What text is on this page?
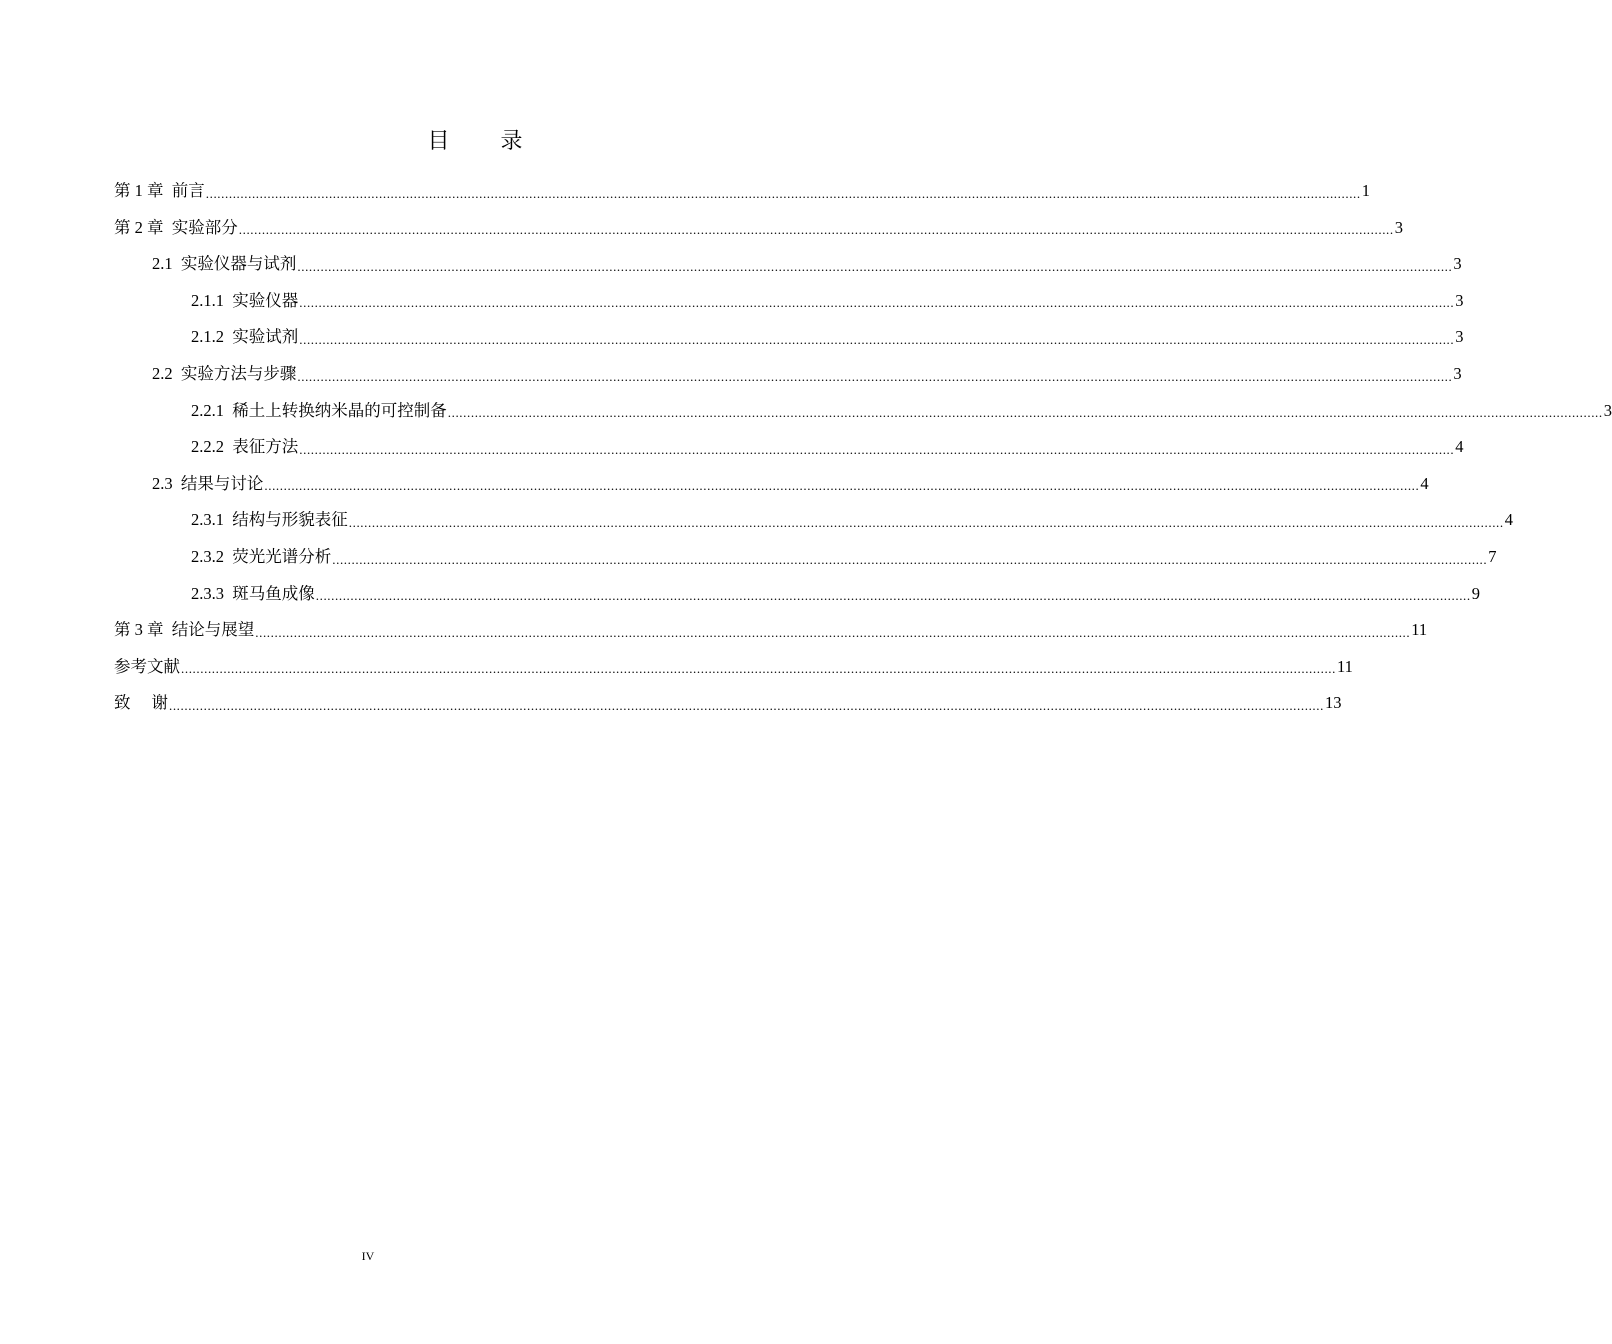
目 录
第 1 章 前言 ............................................................................................................................................................................................................................................................................................................ 1
第 2 章 实验部分 ............................................................................................................................................................................................................................................................................................................ 3
2.1 实验仪器与试剂 ............................................................................................................................................................................................................................................................................................................ 3
2.1.1 实验仪器 ............................................................................................................................................................................................................................................................................................................ 3
2.1.2 实验试剂 ............................................................................................................................................................................................................................................................................................................ 3
2.2 实验方法与步骤 ............................................................................................................................................................................................................................................................................................................ 3
2.2.1 稀土上转换纳米晶的可控制备 ............................................................................................................................................................................................................................................................................................................ 3
2.2.2 表征方法 ............................................................................................................................................................................................................................................................................................................ 4
2.3 结果与讨论 ............................................................................................................................................................................................................................................................................................................ 4
2.3.1 结构与形貌表征 ............................................................................................................................................................................................................................................................................................................ 4
2.3.2 荧光光谱分析 ............................................................................................................................................................................................................................................................................................................ 7
2.3.3 斑马鱼成像 ............................................................................................................................................................................................................................................................................................................ 9
第 3 章 结论与展望 ............................................................................................................................................................................................................................................................................................................ 11
参考文献 ............................................................................................................................................................................................................................................................................................................ 11
致    谢 ............................................................................................................................................................................................................................................................................................................ 13
IV
